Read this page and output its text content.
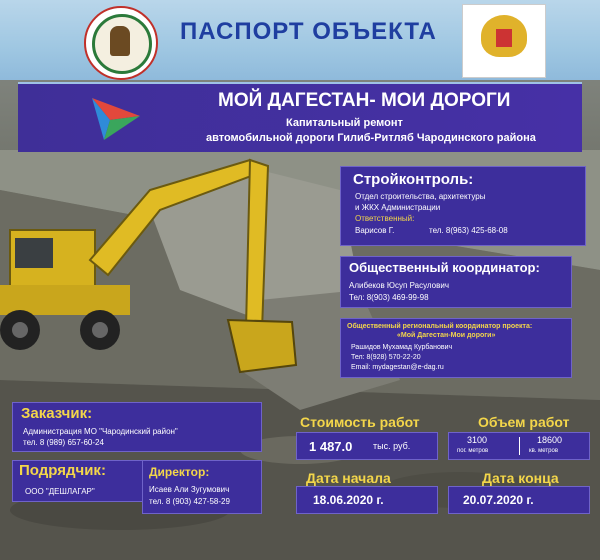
ПАСПОРТ ОБЪЕКТА
МОЙ ДАГЕСТАН- МОИ ДОРОГИ
Капитальный ремонт
автомобильной дороги Гилиб-Ритляб Чародинского района
Стройконтроль:
Отдел строительства, архитектуры
и ЖКХ Администрации
Ответственный:
Варисов Г.	тел. 8(963) 425-68-08
Общественный координатор:
Алибеков Юсуп Расулович
Тел: 8(903) 469-99-98
Общественный региональный координатор проекта:
«Мой Дагестан-Мои дороги»
Рашидов Мухамад Курбанович
Тел: 8(928) 570-22-20
Email: mydagestan@e-dag.ru
Заказчик:
Администрация МО "Чародинский район"
тел. 8 (989) 657-60-24
Подрядчик:
ООО "ДЕШЛАГАР"
Директор:
Исаев Али Зугумович
тел. 8 (903) 427-58-29
Стоимость работ
1 487.0 тыс. руб.
Объем работ
3100
пог. метров
18600
кв. метров
Дата начала
18.06.2020 г.
Дата конца
20.07.2020 г.
